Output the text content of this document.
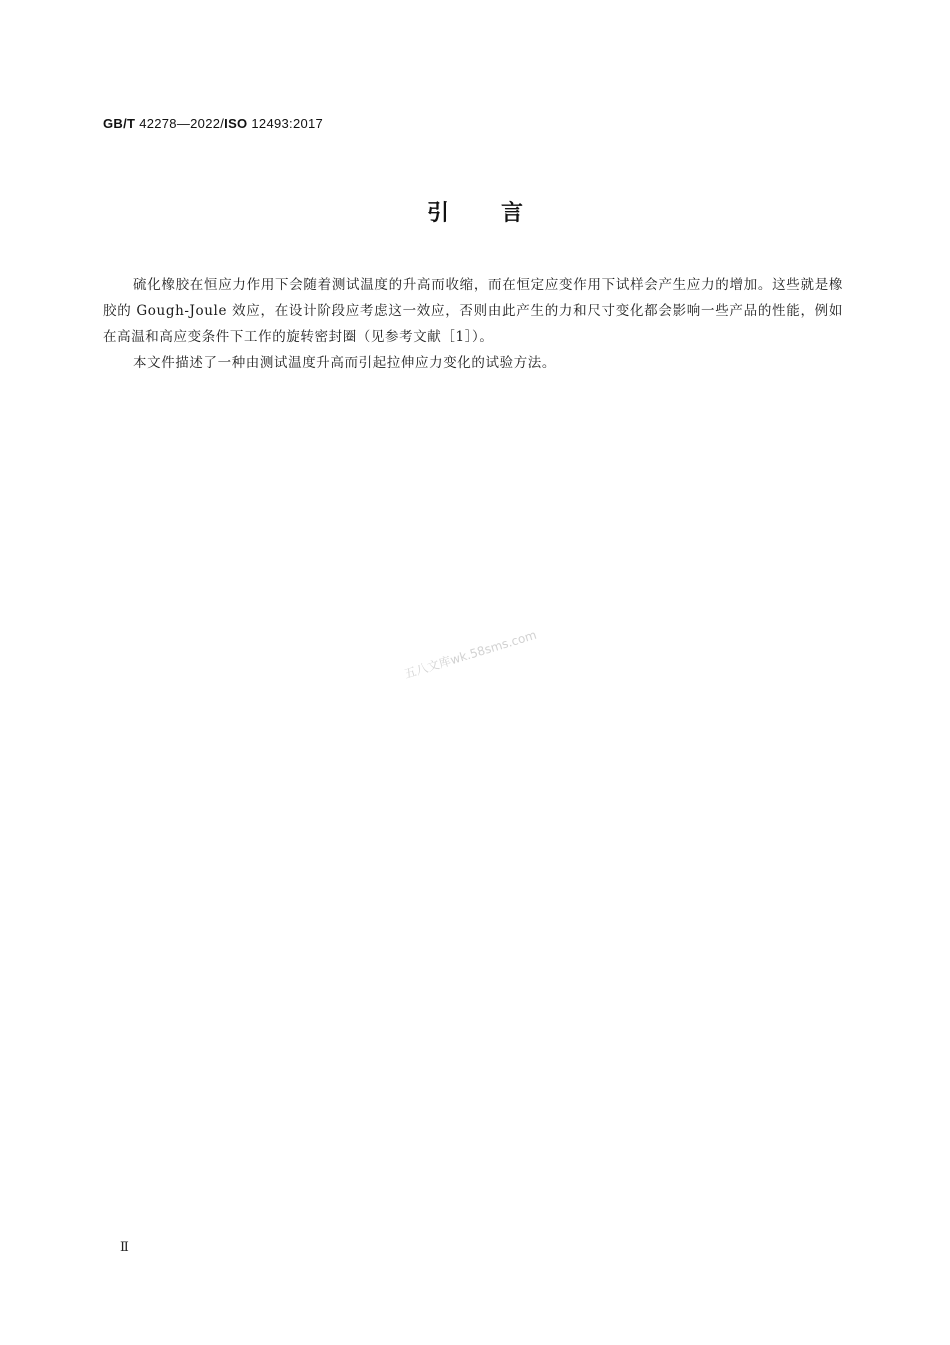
GB/T 42278—2022/ISO 12493:2017
引言

硫化橡胶在恒应力作用下会随着测试温度的升高而收缩，而在恒定应变作用下试样会产生应力的增加。这些就是橡胶的 Gough-Joule 效应，在设计阶段应考虑这一效应，否则由此产生的力和尺寸变化都会影响一些产品的性能，例如在高温和高应变条件下工作的旋转密封圈（见参考文献［1］）。

本文件描述了一种由测试温度升高而引起拉伸应力变化的试验方法。

五八文库wk.58sms.com
Ⅱ
